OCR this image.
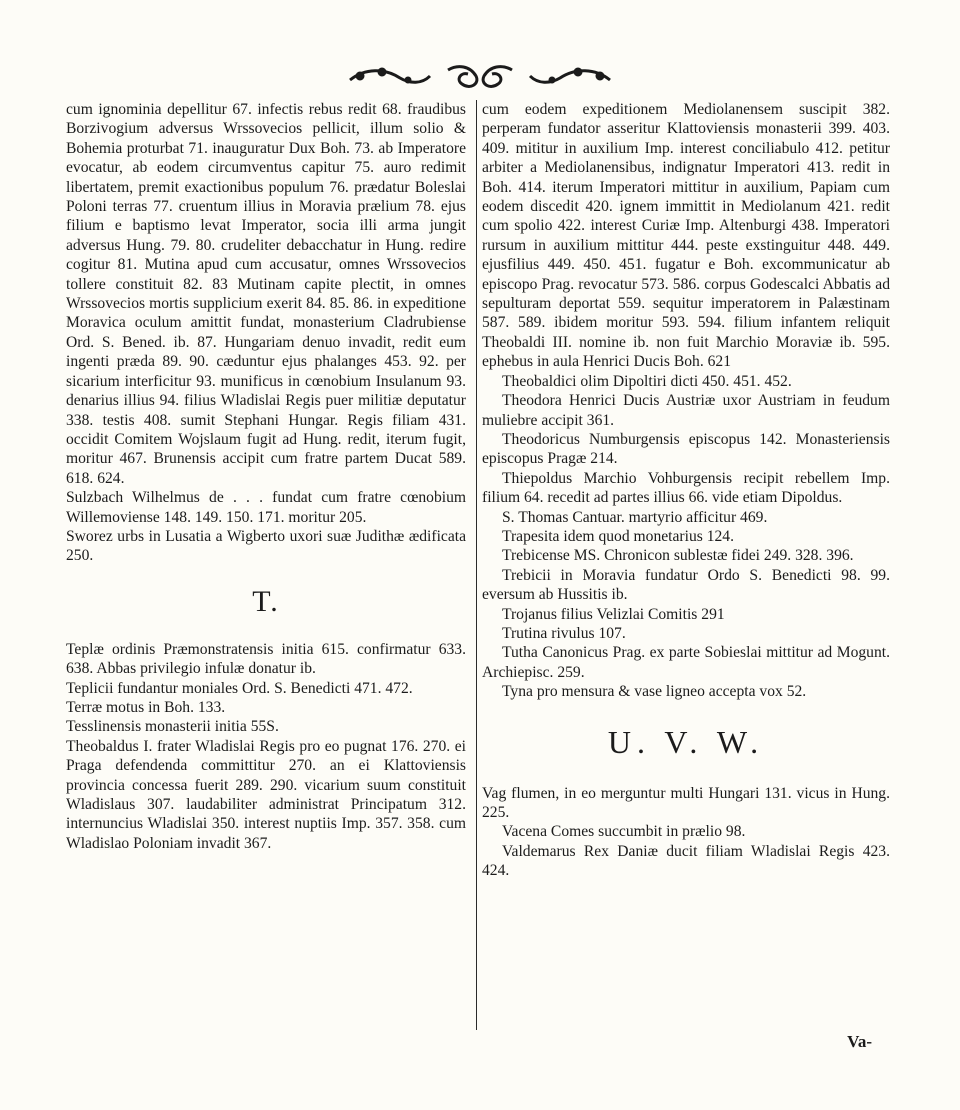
cum ignominia depellitur 67. infectis rebus redit 68. fraudibus Borzivogium adversus Wrssovecios pellicit, illum solio & Bohemia proturbat 71. inauguratur Dux Boh. 73. ab Imperatore evocatur, ab eodem circumventus capitur 75. auro redimit libertatem, premit exactionibus populum 76. prædatur Boleslai Poloni terras 77. cruentum illius in Moravia prælium 78. ejus filium e baptismo levat Imperator, socia illi arma jungit adversus Hung. 79. 80. crudeliter debacchatur in Hung. redire cogitur 81. Mutina apud cum accusatur, omnes Wrssovecios tollere constituit 82. 83 Mutinam capite plectit, in omnes Wrssovecios mortis supplicium exerit 84. 85. 86. in expeditione Moravica oculum amittit fundat, monasterium Cladrubiense Ord. S. Bened. ib. 87. Hungariam denuo invadit, redit eum ingenti præda 89. 90. cæduntur ejus phalanges 453. 92. per sicarium interficitur 93. munificus in cœnobium Insulanum 93. denarius illius 94. filius Wladislai Regis puer militiæ deputatur 338. testis 408. sumit Stephani Hungar. Regis filiam 431. occidit Comitem Wojslaum fugit ad Hung. redit, iterum fugit, moritur 467. Brunensis accipit cum fratre partem Ducat 589. 618. 624.

Sulzbach Wilhelmus de . . . fundat cum fratre cœnobium Willemoviense 148. 149. 150. 171. moritur 205.

Sworez urbs in Lusatia a Wigberto uxori suæ Judithæ ædificata 250.

T.

Teplæ ordinis Præmonstratensis initia 615. confirmatur 633. 638. Abbas privilegio infulæ donatur ib.

Teplicii fundantur moniales Ord. S. Benedicti 471. 472.

Terræ motus in Boh. 133.

Tesslinensis monasterii initia 55S.

Theobaldus I. frater Wladislai Regis pro eo pugnat 176. 270. ei Praga defendenda committitur 270. an ei Klattoviensis provincia concessa fuerit 289. 290. vicarium suum constituit Wladislaus 307. laudabiliter administrat Principatum 312. internuncius Wladislai 350. interest nuptiis Imp. 357. 358. cum Wladislao Poloniam invadit 367.

cum eodem expeditionem Mediolanensem suscipit 382. perperam fundator asseritur Klattoviensis monasterii 399. 403. 409. mititur in auxilium Imp. interest conciliabulo 412. petitur arbiter a Mediolanensibus, indignatur Imperatori 413. redit in Boh. 414. iterum Imperatori mittitur in auxilium, Papiam cum eodem discedit 420. ignem immittit in Mediolanum 421. redit cum spolio 422. interest Curiæ Imp. Altenburgi 438. Imperatori rursum in auxilium mittitur 444. peste exstinguitur 448. 449. ejusfilius 449. 450. 451. fugatur e Boh. excommunicatur ab episcopo Prag. revocatur 573. 586. corpus Godescalci Abbatis ad sepulturam deportat 559. sequitur imperatorem in Palæstinam 587. 589. ibidem moritur 593. 594. filium infantem reliquit Theobaldi III. nomine ib. non fuit Marchio Moraviæ ib. 595. ephebus in aula Henrici Ducis Boh. 621

Theobaldici olim Dipoltiri dicti 450. 451. 452.

Theodora Henrici Ducis Austriæ uxor Austriam in feudum muliebre accipit 361.

Theodoricus Numburgensis episcopus 142. Monasteriensis episcopus Pragæ 214.

Thiepoldus Marchio Vohburgensis recipit rebellem Imp. filium 64. recedit ad partes illius 66. vide etiam Dipoldus.

S. Thomas Cantuar. martyrio afficitur 469.

Trapesita idem quod monetarius 124.

Trebicense MS. Chronicon sublestæ fidei 249. 328. 396.

Trebicii in Moravia fundatur Ordo S. Benedicti 98. 99. eversum ab Hussitis ib.

Trojanus filius Velizlai Comitis 291

Trutina rivulus 107.

Tutha Canonicus Prag. ex parte Sobieslai mittitur ad Mogunt. Archiepisc. 259.

Tyna pro mensura & vase ligneo accepta vox 52.

U. V. W.

Vag flumen, in eo merguntur multi Hungari 131. vicus in Hung. 225.

Vacena Comes succumbit in prælio 98.

Valdemarus Rex Daniæ ducit filiam Wladislai Regis 423. 424.

Va-
